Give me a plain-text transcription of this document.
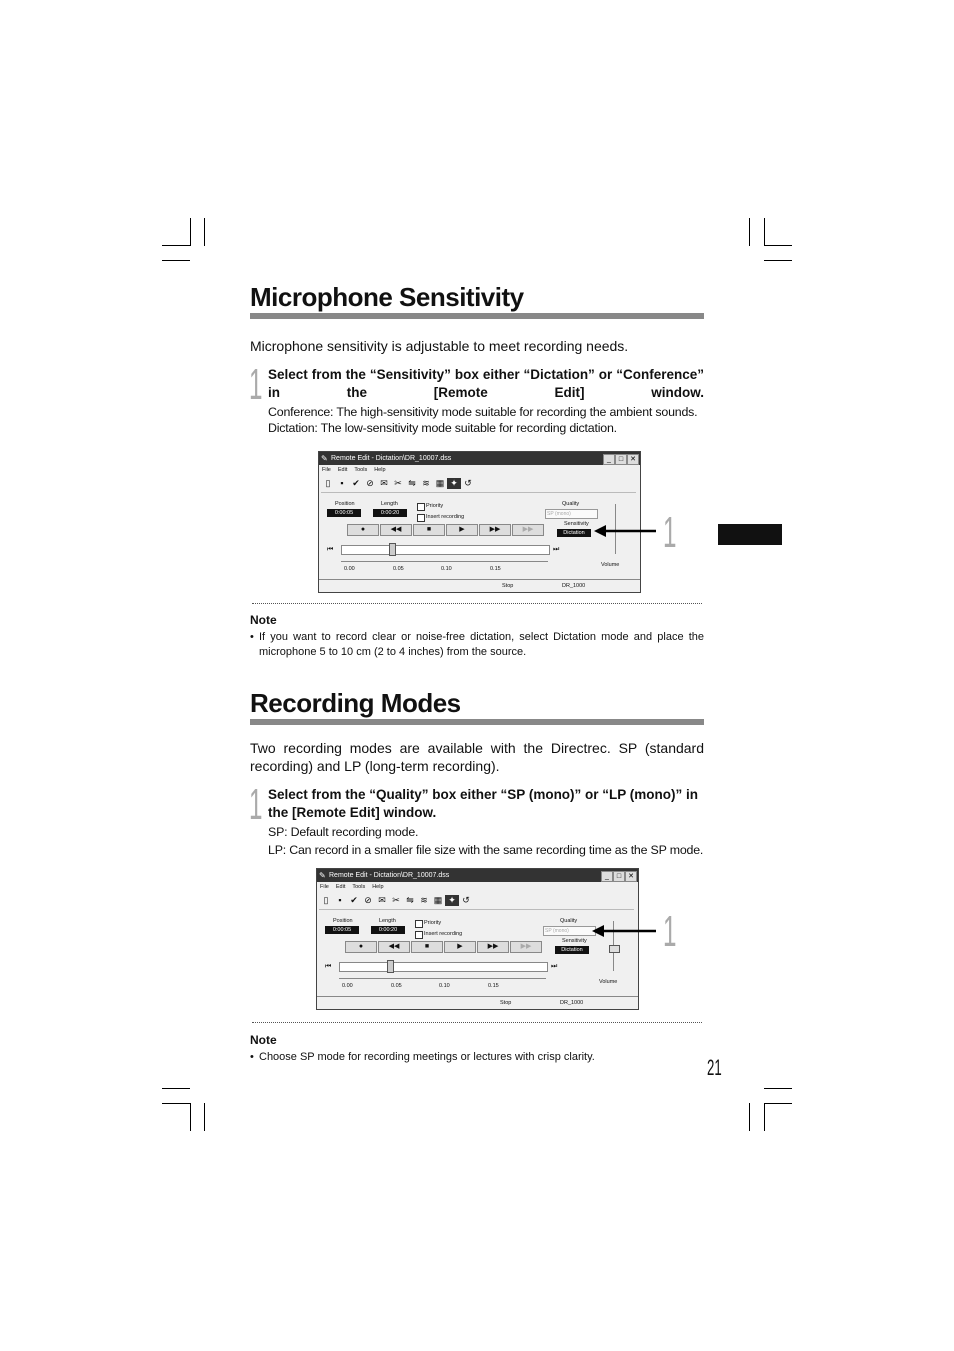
Microphone Sensitivity

Microphone sensitivity is adjustable to meet recording needs.

1 Select from the “Sensitivity” box either “Dictation” or “Conference” in the [Remote Edit] window.

Conference: The high-sensitivity mode suitable for recording the ambient sounds.
Dictation: The low-sensitivity mode suitable for recording dictation.
✎ Remote Edit - Dictation\DR_10007.dss	_	□ ✕
File Edit Tools Help
▯ ▪ ✔ ⊘ ✉ ✂ ⇋ ≋ ▦ ✦ ↺
Position
0:00:05
Length
0:00:20
Priority
Insert recording
Quality
SP (mono)
Sensitivity
Dictation
●	◀◀	■	▶	▶▶	▶▶
⏮	⏭
0.00	0.05	0.10	0.15
Volume
Stop	DR_1000
1
Note
• If you want to record clear or noise-free dictation, select Dictation mode and place the microphone 5 to 10 cm (2 to 4 inches) from the source.
Recording Modes

Two recording modes are available with the Directrec. SP (standard recording) and LP (long-term recording).

1 Select from the “Quality” box either “SP (mono)” or “LP (mono)” in the [Remote Edit] window.

SP: Default recording mode.
LP: Can record in a smaller file size with the same recording time as the SP mode.
✎ Remote Edit - Dictation\DR_10007.dss	_	□ ✕
File Edit Tools Help
▯ ▪ ✔ ⊘ ✉ ✂ ⇋ ≋ ▦ ✦ ↺
Position
0:00:05
Length
0:00:20
Priority
Insert recording
Quality
SP (mono)
Sensitivity
Dictation
●	◀◀	■	▶	▶▶	▶▶
⏮	⏭
0.00	0.05	0.10	0.15
Volume
Stop	DR_1000
1
Note
• Choose SP mode for recording meetings or lectures with crisp clarity.	21
